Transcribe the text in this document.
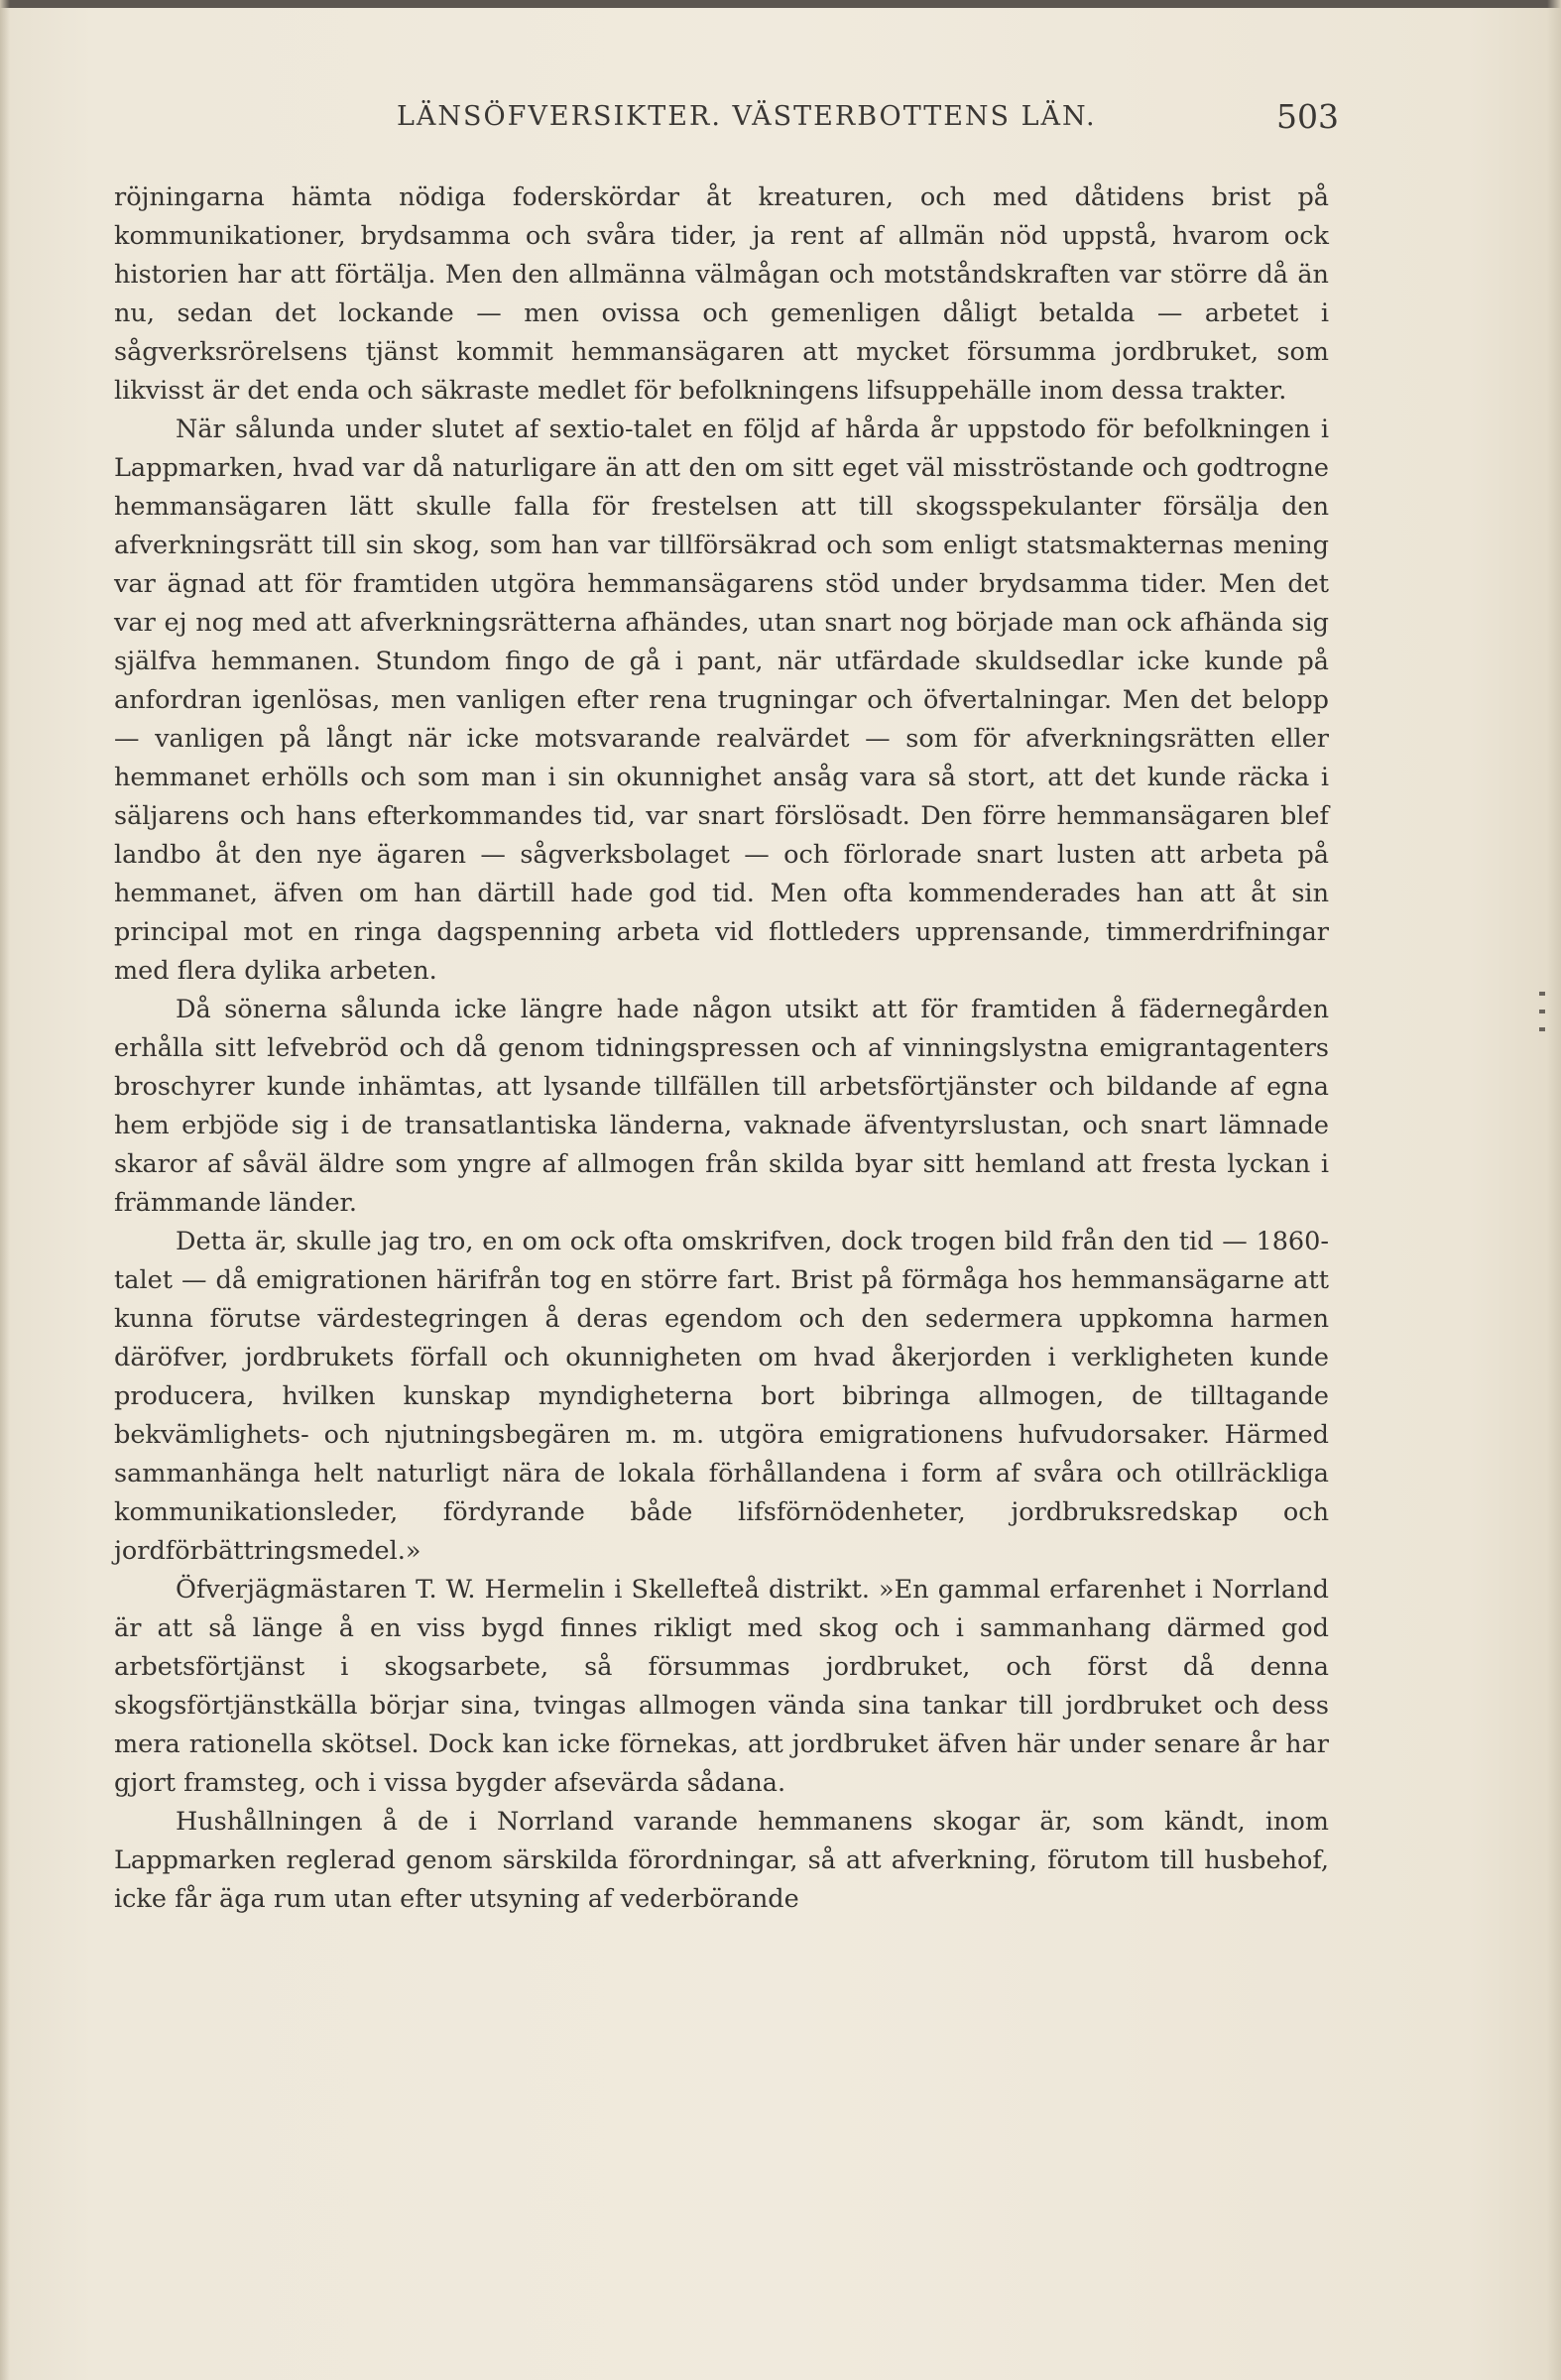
LÄNSÖFVERSIKTER. VÄSTERBOTTENS LÄN.	503

röjningarna hämta nödiga foderskördar åt kreaturen, och med dåtidens brist på kommunikationer, brydsamma och svåra tider, ja rent af allmän nöd uppstå, hvarom ock historien har att förtälja. Men den allmänna välmågan och motståndskraften var större då än nu, sedan det lockande — men ovissa och gemenligen dåligt betalda — arbetet i sågverksrörelsens tjänst kommit hemmansägaren att mycket försumma jordbruket, som likvisst är det enda och säkraste medlet för befolkningens lifsuppehälle inom dessa trakter.

När sålunda under slutet af sextio-talet en följd af hårda år uppstodo för befolkningen i Lappmarken, hvad var då naturligare än att den om sitt eget väl misströstande och godtrogne hemmansägaren lätt skulle falla för frestelsen att till skogsspekulanter försälja den afverkningsrätt till sin skog, som han var tillförsäkrad och som enligt statsmakternas mening var ägnad att för framtiden utgöra hemmansägarens stöd under brydsamma tider. Men det var ej nog med att afverkningsrätterna afhändes, utan snart nog började man ock afhända sig själfva hemmanen. Stundom fingo de gå i pant, när utfärdade skuldsedlar icke kunde på anfordran igenlösas, men vanligen efter rena trugningar och öfvertalningar. Men det belopp — vanligen på långt när icke motsvarande realvärdet — som för afverkningsrätten eller hemmanet erhölls och som man i sin okunnighet ansåg vara så stort, att det kunde räcka i säljarens och hans efterkommandes tid, var snart förslösadt. Den förre hemmansägaren blef landbo åt den nye ägaren — sågverksbolaget — och förlorade snart lusten att arbeta på hemmanet, äfven om han därtill hade god tid. Men ofta kommenderades han att åt sin principal mot en ringa dagspenning arbeta vid flottleders upprensande, timmerdrifningar med flera dylika arbeten.

Då sönerna sålunda icke längre hade någon utsikt att för framtiden å fädernegården erhålla sitt lefvebröd och då genom tidningspressen och af vinningslystna emigrantagenters broschyrer kunde inhämtas, att lysande tillfällen till arbetsförtjänster och bildande af egna hem erbjöde sig i de transatlantiska länderna, vaknade äfventyrslustan, och snart lämnade skaror af såväl äldre som yngre af allmogen från skilda byar sitt hemland att fresta lyckan i främmande länder.

Detta är, skulle jag tro, en om ock ofta omskrifven, dock trogen bild från den tid — 1860-talet — då emigrationen härifrån tog en större fart. Brist på förmåga hos hemmansägarne att kunna förutse värdestegringen å deras egendom och den sedermera uppkomna harmen däröfver, jordbrukets förfall och okunnigheten om hvad åkerjorden i verkligheten kunde producera, hvilken kunskap myndigheterna bort bibringa allmogen, de tilltagande bekvämlighets- och njutningsbegären m. m. utgöra emigrationens hufvudorsaker. Härmed sammanhänga helt naturligt nära de lokala förhållandena i form af svåra och otillräckliga kommunikationsleder, fördyrande både lifsförnödenheter, jordbruksredskap och jordförbättringsmedel.»

Öfverjägmästaren T. W. Hermelin i Skellefteå distrikt. »En gammal erfarenhet i Norrland är att så länge å en viss bygd finnes rikligt med skog och i sammanhang därmed god arbetsförtjänst i skogsarbete, så försummas jordbruket, och först då denna skogsförtjänstkälla börjar sina, tvingas allmogen vända sina tankar till jordbruket och dess mera rationella skötsel. Dock kan icke förnekas, att jordbruket äfven här under senare år har gjort framsteg, och i vissa bygder afsevärda sådana.

Hushållningen å de i Norrland varande hemmanens skogar är, som kändt, inom Lappmarken reglerad genom särskilda förordningar, så att afverkning, förutom till husbehof, icke får äga rum utan efter utsyning af vederbörande
